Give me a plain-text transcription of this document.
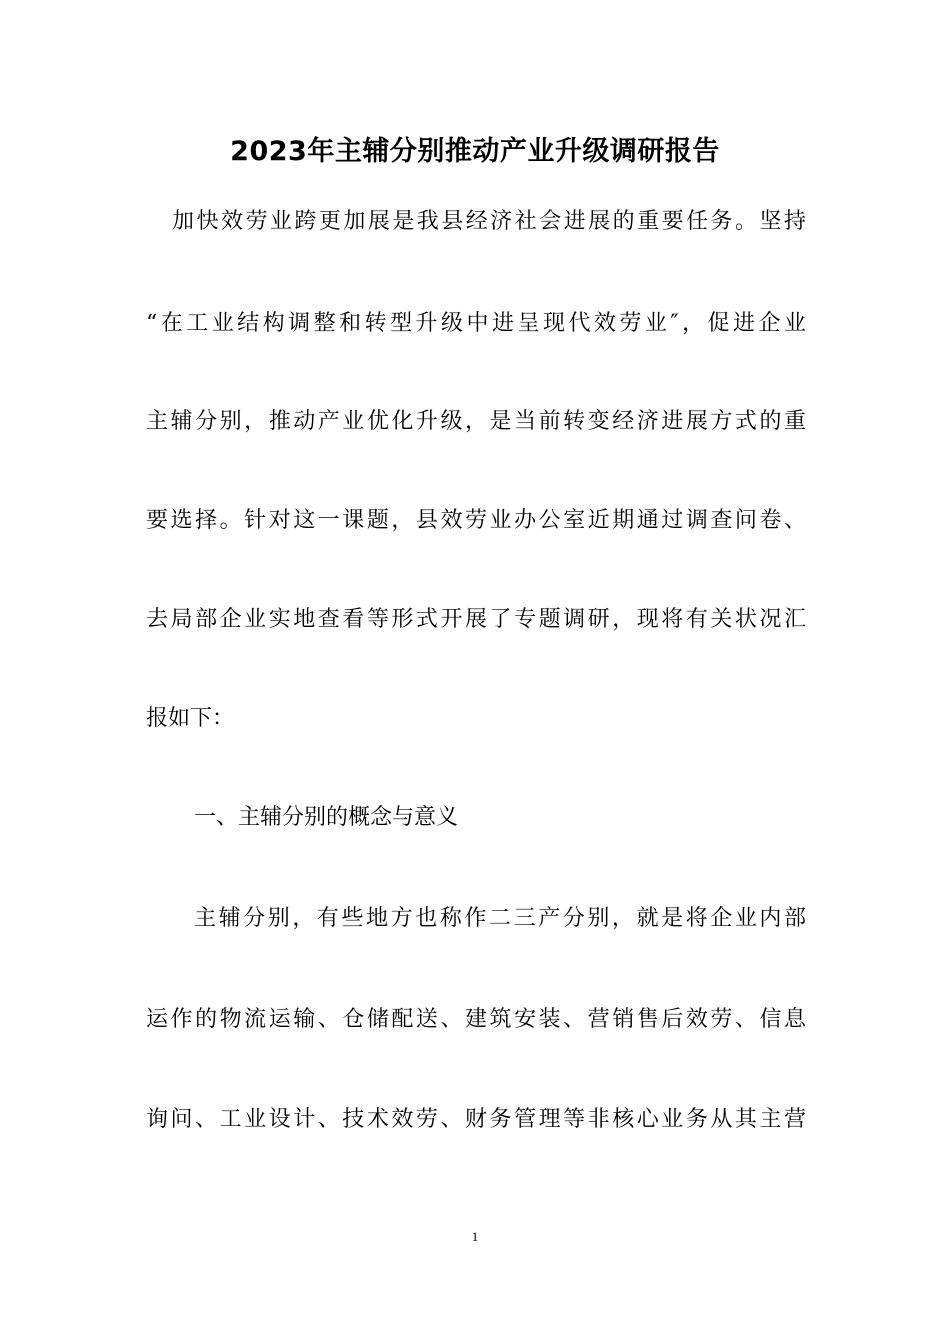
2023年主辅分别推动产业升级调研报告

加快效劳业跨更加展是我县经济社会进展的重要任务。坚持

“在工业结构调整和转型升级中进呈现代效劳业″，促进企业

主辅分别，推动产业优化升级，是当前转变经济进展方式的重

要选择。针对这一课题，县效劳业办公室近期通过调查问卷、

去局部企业实地查看等形式开展了专题调研，现将有关状况汇

报如下：

一、主辅分别的概念与意义

主辅分别，有些地方也称作二三产分别，就是将企业内部

运作的物流运输、仓储配送、建筑安装、营销售后效劳、信息

询问、工业设计、技术效劳、财务管理等非核心业务从其主营

1
